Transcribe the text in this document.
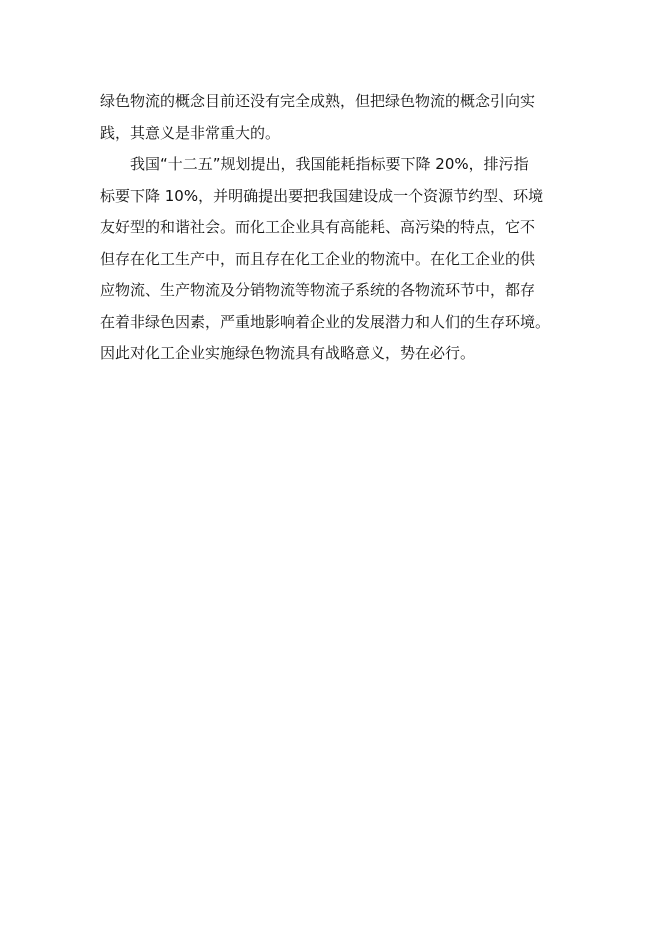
绿色物流的概念目前还没有完全成熟，但把绿色物流的概念引向实
践，其意义是非常重大的。
我国“十二五”规划提出，我国能耗指标要下降 20%，排污指
标要下降 10%，并明确提出要把我国建设成一个资源节约型、环境
友好型的和谐社会。而化工企业具有高能耗、高污染的特点，它不
但存在化工生产中，而且存在化工企业的物流中。在化工企业的供
应物流、生产物流及分销物流等物流子系统的各物流环节中，都存
在着非绿色因素，严重地影响着企业的发展潜力和人们的生存环境。
因此对化工企业实施绿色物流具有战略意义，势在必行。
